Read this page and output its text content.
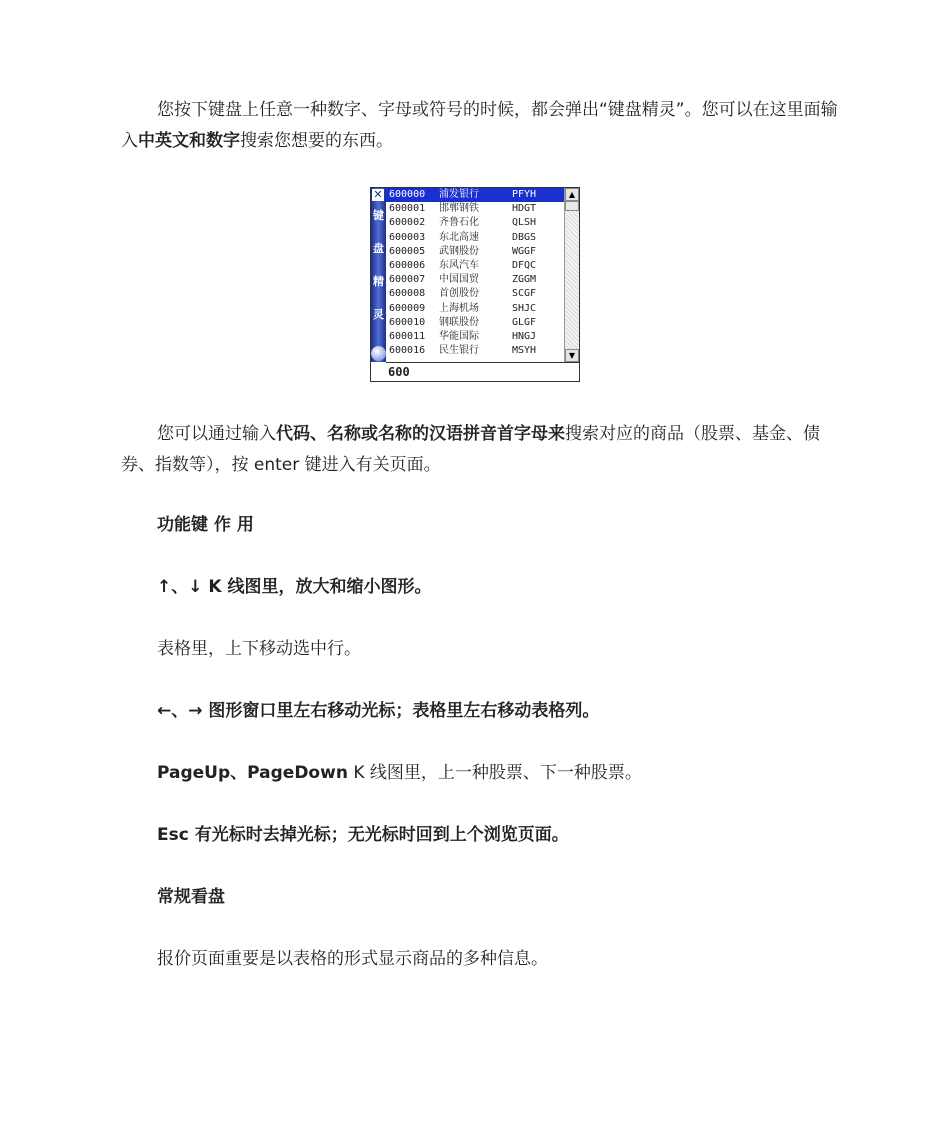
您按下键盘上任意一种数字、字母或符号的时候，都会弹出“键盘精灵”。您可以在这里面输入中英文和数字搜索您想要的东西。
✕
键
盘
精
灵
600000 浦发银行	PFYH
600001 邯郸钢铁	HDGT
600002 齐鲁石化	QLSH
600003 东北高速	DBGS
600005 武钢股份	WGGF
600006 东风汽车	DFQC
600007 中国国贸	ZGGM
600008 首创股份	SCGF
600009 上海机场	SHJC
600010 钢联股份	GLGF
600011 华能国际	HNGJ
600016 民生银行	MSYH
▲
▼
600
您可以通过输入代码、名称或名称的汉语拼音首字母来搜索对应的商品（股票、基金、债券、指数等），按 enter 键进入有关页面。
功能键 作 用
↑、↓ K 线图里，放大和缩小图形。
表格里，上下移动选中行。
←、→ 图形窗口里左右移动光标；表格里左右移动表格列。
PageUp、PageDown K 线图里，上一种股票、下一种股票。
Esc 有光标时去掉光标；无光标时回到上个浏览页面。
常规看盘
报价页面重要是以表格的形式显示商品的多种信息。
